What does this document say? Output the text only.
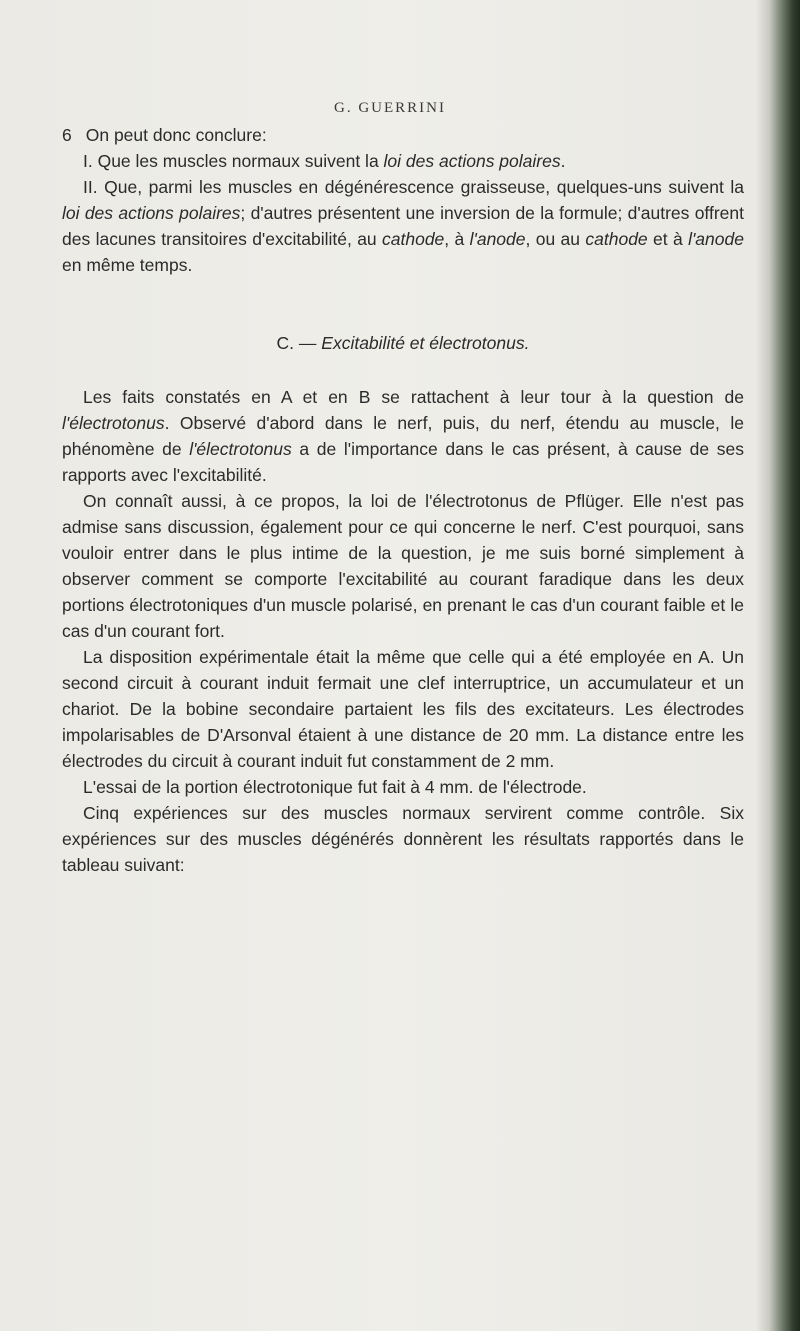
G. GUERRINI

6 On peut donc conclure:

I. Que les muscles normaux suivent la loi des actions polaires.

II. Que, parmi les muscles en dégénérescence graisseuse, quelques-uns suivent la loi des actions polaires; d'autres présentent une inversion de la formule; d'autres offrent des lacunes transitoires d'excitabilité, au cathode, à l'anode, ou au cathode et à l'anode en même temps.

C. — Excitabilité et électrotonus.

Les faits constatés en A et en B se rattachent à leur tour à la question de l'électrotonus. Observé d'abord dans le nerf, puis, du nerf, étendu au muscle, le phénomène de l'électrotonus a de l'importance dans le cas présent, à cause de ses rapports avec l'excitabilité.

On connaît aussi, à ce propos, la loi de l'électrotonus de Pflüger. Elle n'est pas admise sans discussion, également pour ce qui concerne le nerf. C'est pourquoi, sans vouloir entrer dans le plus intime de la question, je me suis borné simplement à observer comment se comporte l'excitabilité au courant faradique dans les deux portions électrotoniques d'un muscle polarisé, en prenant le cas d'un courant faible et le cas d'un courant fort.

La disposition expérimentale était la même que celle qui a été employée en A. Un second circuit à courant induit fermait une clef interruptrice, un accumulateur et un chariot. De la bobine secondaire partaient les fils des excitateurs. Les électrodes impolarisables de D'Arsonval étaient à une distance de 20 mm. La distance entre les électrodes du circuit à courant induit fut constamment de 2 mm.

L'essai de la portion électrotonique fut fait à 4 mm. de l'électrode.

Cinq expériences sur des muscles normaux servirent comme contrôle. Six expériences sur des muscles dégénérés donnèrent les résultats rapportés dans le tableau suivant:
